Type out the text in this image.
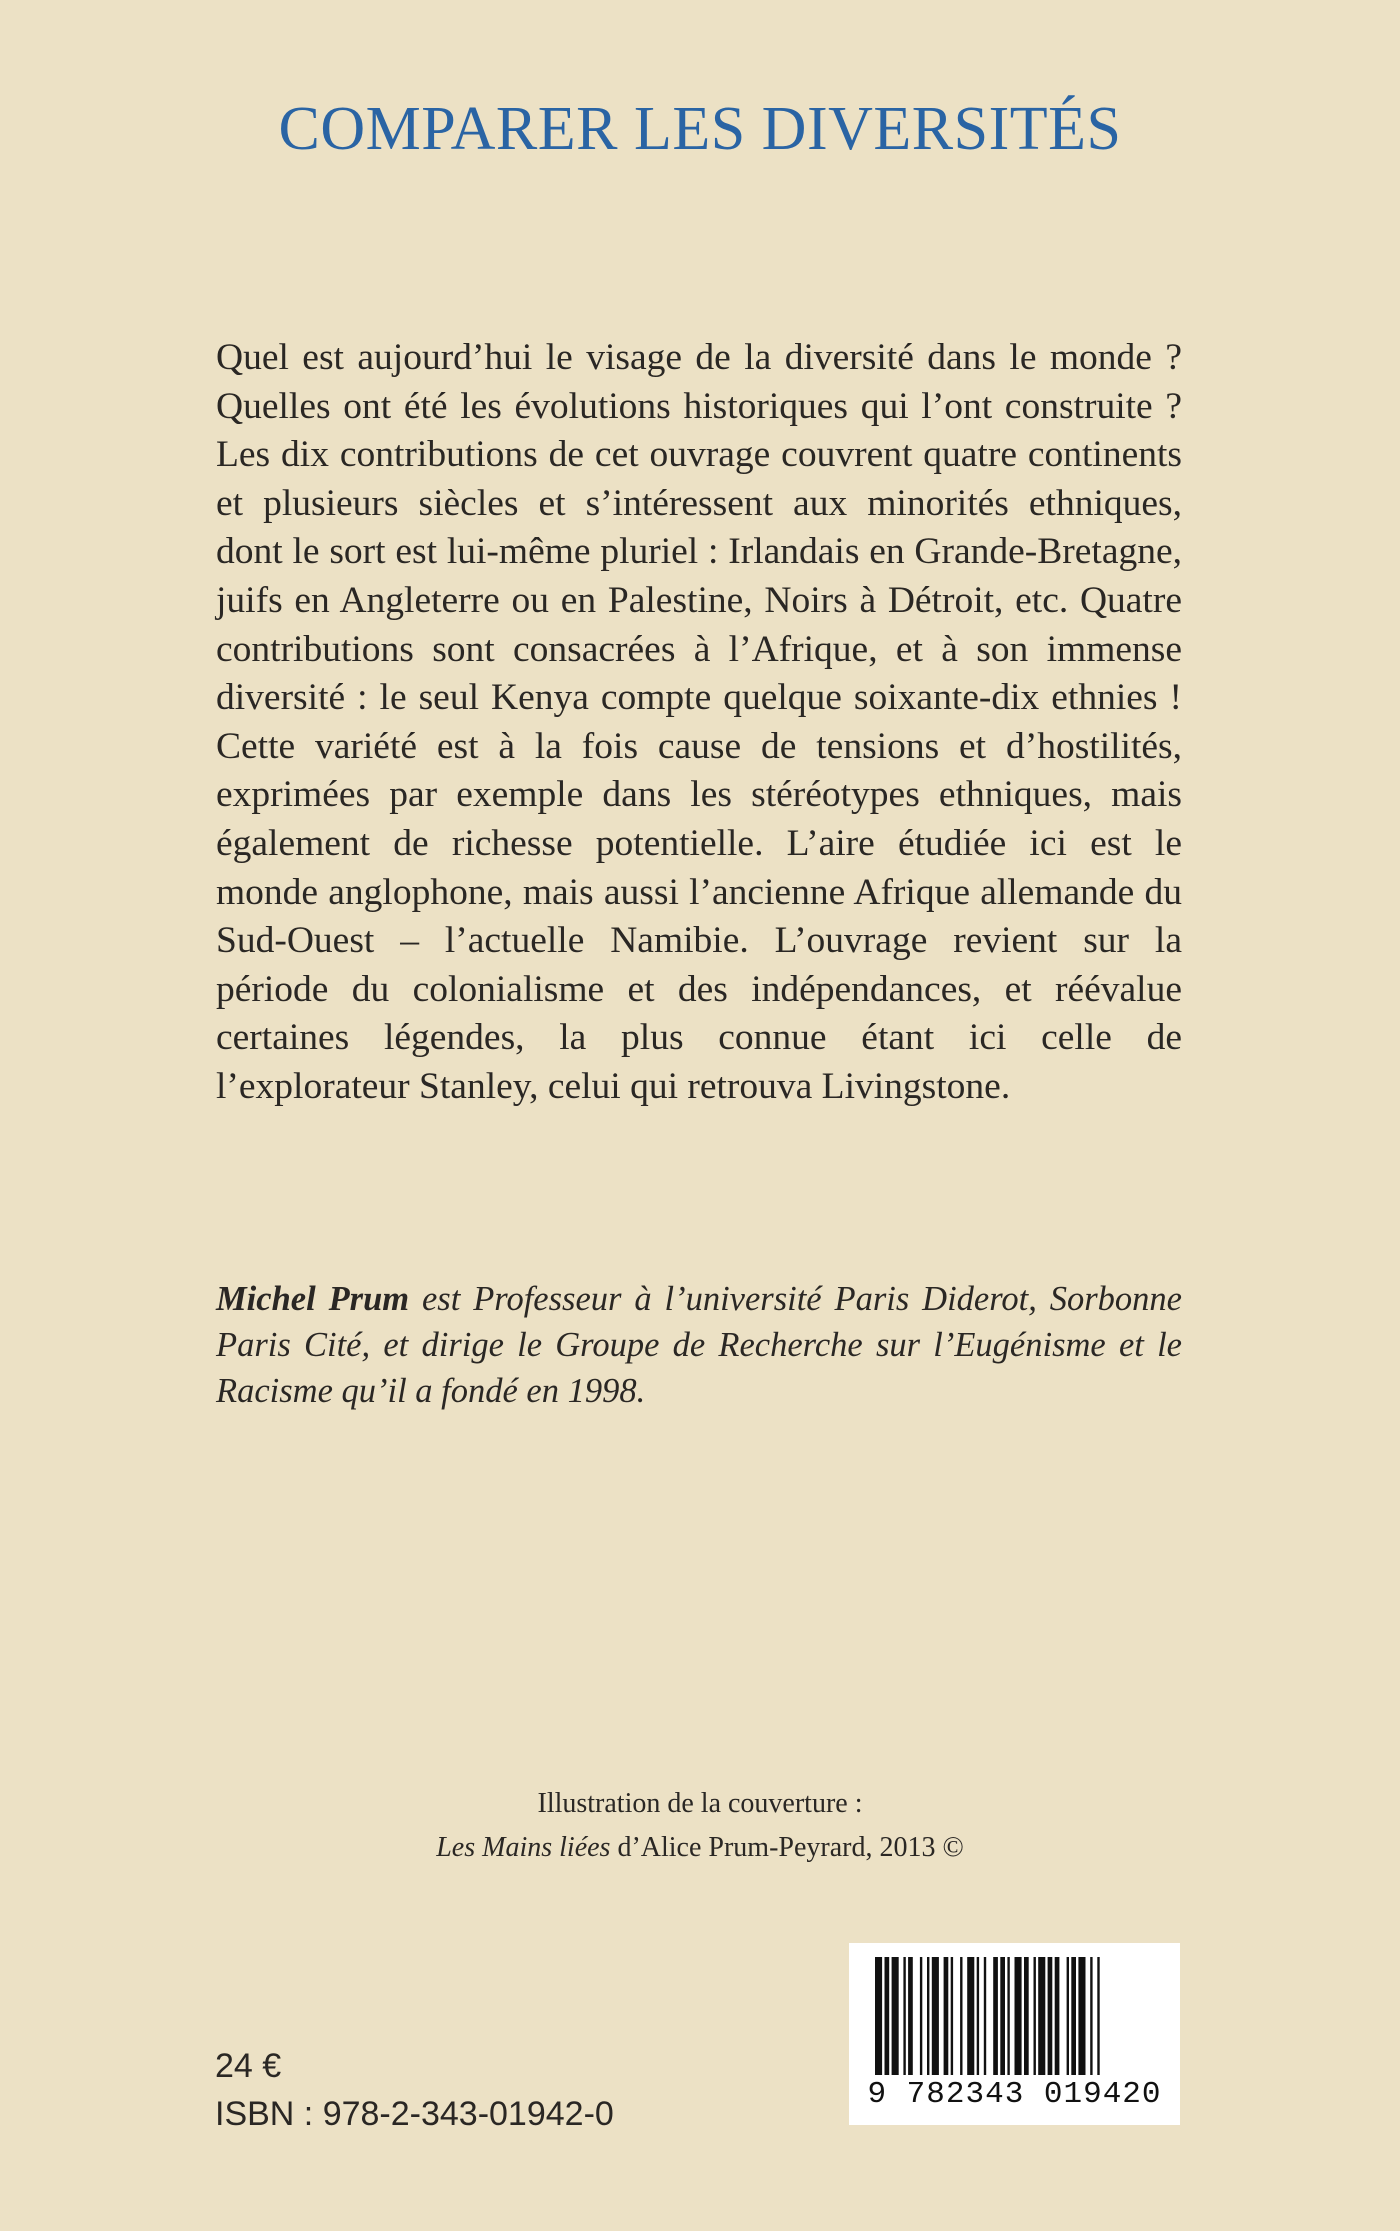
COMPARER LES DIVERSITÉS

Quel est aujourd’hui le visage de la diversité dans le monde ? Quelles ont été les évolutions historiques qui l’ont construite ? Les dix contributions de cet ouvrage couvrent quatre continents et plusieurs siècles et s’intéressent aux minorités ethniques, dont le sort est lui-même pluriel : Irlandais en Grande-Bretagne, juifs en Angleterre ou en Palestine, Noirs à Détroit, etc. Quatre contributions sont consacrées à l’Afrique, et à son immense diversité : le seul Kenya compte quelque soixante-dix ethnies ! Cette variété est à la fois cause de tensions et d’hostilités, exprimées par exemple dans les stéréotypes ethniques, mais également de richesse potentielle. L’aire étudiée ici est le monde anglophone, mais aussi l’ancienne Afrique allemande du Sud-Ouest – l’actuelle Namibie. L’ouvrage revient sur la période du colonialisme et des indépendances, et réévalue certaines légendes, la plus connue étant ici celle de l’explorateur Stanley, celui qui retrouva Livingstone.

Michel Prum est Professeur à l’université Paris Diderot, Sorbonne Paris Cité, et dirige le Groupe de Recherche sur l’Eugénisme et le Racisme qu’il a fondé en 1998.

Illustration de la couverture :
Les Mains liées d’Alice Prum-Peyrard, 2013 ©
24 €
ISBN : 978-2-343-01942-0
9 782343 019420
